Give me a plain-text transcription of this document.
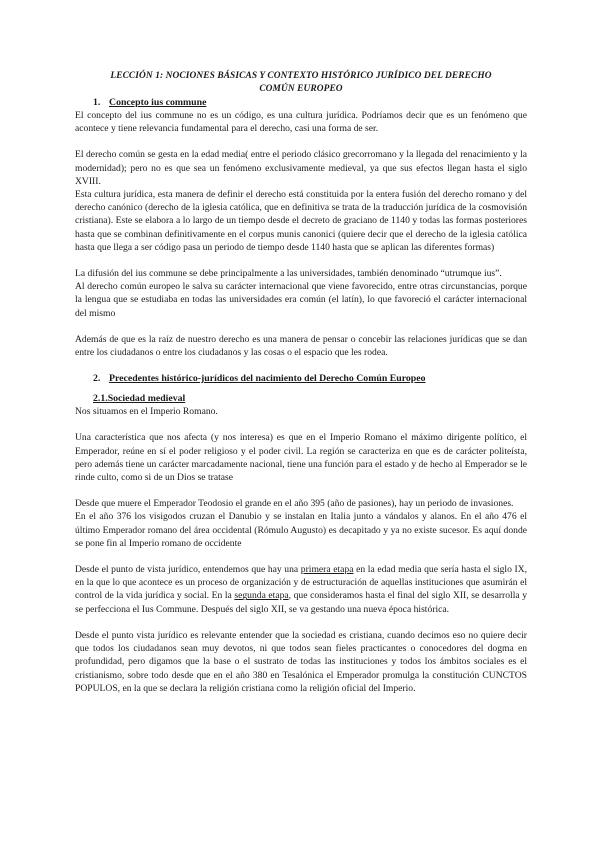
LECCIÓN 1: NOCIONES BÁSICAS Y CONTEXTO HISTÓRICO JURÍDICO DEL DERECHO
COMÚN EUROPEO
1. Concepto ius commune

El concepto del ius commune no es un código, es una cultura jurídica. Podríamos decir que es un fenómeno que acontece y tiene relevancia fundamental para el derecho, casi una forma de ser.

El derecho común se gesta en la edad media( entre el periodo clásico grecorromano y la llegada del renacimiento y la modernidad); pero no es que sea un fenómeno exclusivamente medieval, ya que sus efectos llegan hasta el siglo XVIII.

Esta cultura jurídica, esta manera de definir el derecho está constituida por la entera fusión del derecho romano y del derecho canónico (derecho de la iglesia católica, que en definitiva se trata de la traducción jurídica de la cosmovisión cristiana). Este se elabora a lo largo de un tiempo desde el decreto de graciano de 1140 y todas las formas posteriores hasta que se combinan definitivamente en el corpus munis canonici (quiere decir que el derecho de la iglesia católica hasta que llega a ser código pasa un periodo de tiempo desde 1140 hasta que se aplican las diferentes formas)

La difusión del ius commune se debe principalmente a las universidades, también denominado “utrumque ius”.

Al derecho común europeo le salva su carácter internacional que viene favorecido, entre otras circunstancias, porque la lengua que se estudiaba en todas las universidades era común (el latín), lo que favoreció el carácter internacional del mismo

Además de que es la raíz de nuestro derecho es una manera de pensar o concebir las relaciones jurídicas que se dan entre los ciudadanos o entre los ciudadanos y las cosas o el espacio que les rodea.

2. Precedentes histórico-jurídicos del nacimiento del Derecho Común Europeo
2.1.Sociedad medieval

Nos situamos en el Imperio Romano.

Una característica que nos afecta (y nos interesa) es que en el Imperio Romano el máximo dirigente político, el Emperador, reúne en sí el poder religioso y el poder civil. La región se caracteriza en que es de carácter politeísta, pero además tiene un carácter marcadamente nacional, tiene una función para el estado y de hecho al Emperador se le rinde culto, como si de un Dios se tratase

Desde que muere el Emperador Teodosio el grande en el año 395 (año de pasiones), hay un periodo de invasiones.

En el año 376 los visigodos cruzan el Danubio y se instalan en Italia junto a vándalos y alanos. En el año 476 el último Emperador romano del área occidental (Rómulo Augusto) es decapitado y ya no existe sucesor. Es aquí donde se pone fin al Imperio romano de occidente

Desde el punto de vista jurídico, entendemos que hay una primera etapa en la edad media que sería hasta el siglo IX, en la que lo que acontece es un proceso de organización y de estructuración de aquellas instituciones que asumirán el control de la vida jurídica y social. En la segunda etapa, que consideramos hasta el final del siglo XII, se desarrolla y se perfecciona el Ius Commune. Después del siglo XII, se va gestando una nueva época histórica.

Desde el punto vista jurídico es relevante entender que la sociedad es cristiana, cuando decimos eso no quiere decir que todos los ciudadanos sean muy devotos, ni que todos sean fieles practicantes o conocedores del dogma en profundidad, pero digamos que la base o el sustrato de todas las instituciones y todos los ámbitos sociales es el cristianismo, sobre todo desde que en el año 380 en Tesalónica el Emperador promulga la constitución CUNCTOS POPULOS, en la que se declara la religión cristiana como la religión oficial del Imperio.
